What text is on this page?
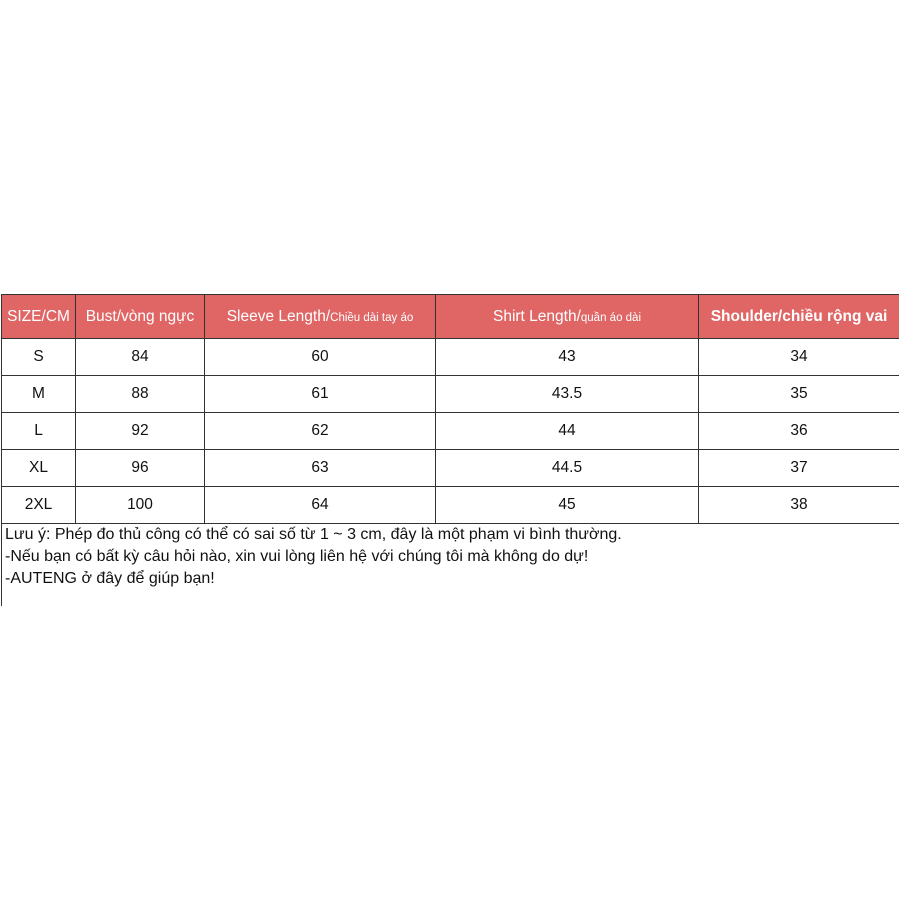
SIZE/CM	Bust/vòng ngực	Sleeve Length/Chiều dài tay áo	Shirt Length/quần áo dài	Shoulder/chiều rộng vai
S	84	60	43	34
M	88	61	43.5	35
L	92	62	44	36
XL	96	63	44.5	37
2XL	100	64	45	38
Lưu ý: Phép đo thủ công có thể có sai số từ 1 ~ 3 cm, đây là một phạm vi bình thường.
-Nếu bạn có bất kỳ câu hỏi nào, xin vui lòng liên hệ với chúng tôi mà không do dự!
-AUTENG ở đây để giúp bạn!
